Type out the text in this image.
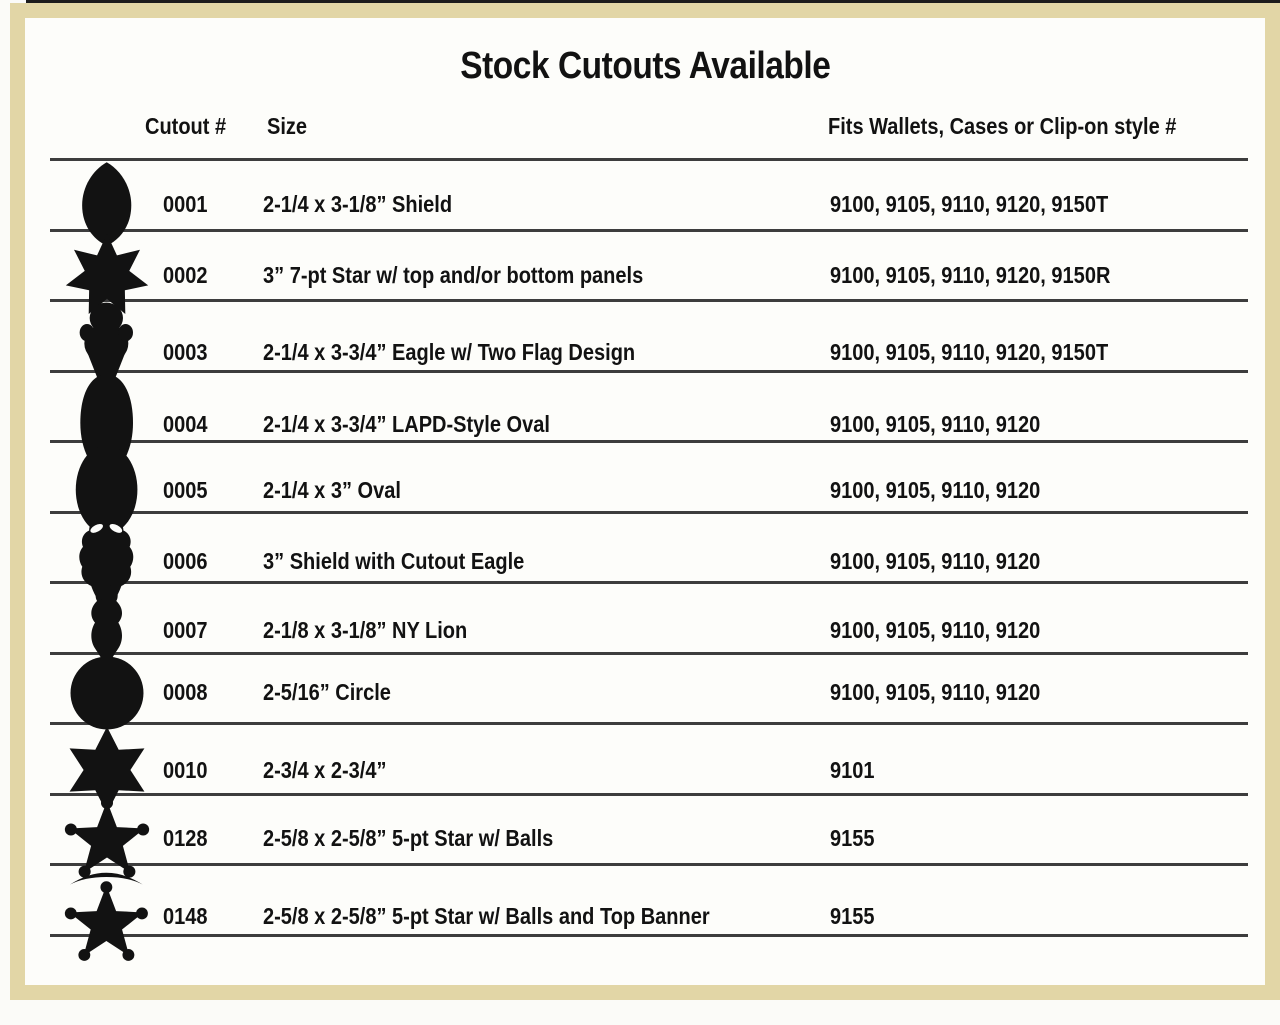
Stock Cutouts Available
Cutout #	Size	Fits Wallets, Cases or Clip-on style #
0001 2-1/4 x 3-1/8” Shield	9100, 9105, 9110, 9120, 9150T
0002 3” 7-pt Star w/ top and/or bottom panels	9100, 9105, 9110, 9120, 9150R
0003 2-1/4 x 3-3/4” Eagle w/ Two Flag Design	9100, 9105, 9110, 9120, 9150T
0004 2-1/4 x 3-3/4” LAPD-Style Oval	9100, 9105, 9110, 9120
0005 2-1/4 x 3” Oval	9100, 9105, 9110, 9120
0006 3” Shield with Cutout Eagle	9100, 9105, 9110, 9120
0007 2-1/8 x 3-1/8” NY Lion	9100, 9105, 9110, 9120
0008 2-5/16” Circle	9100, 9105, 9110, 9120
0010 2-3/4 x 2-3/4”	9101
0128 2-5/8 x 2-5/8” 5-pt Star w/ Balls	9155
0148 2-5/8 x 2-5/8” 5-pt Star w/ Balls and Top Banner	9155
